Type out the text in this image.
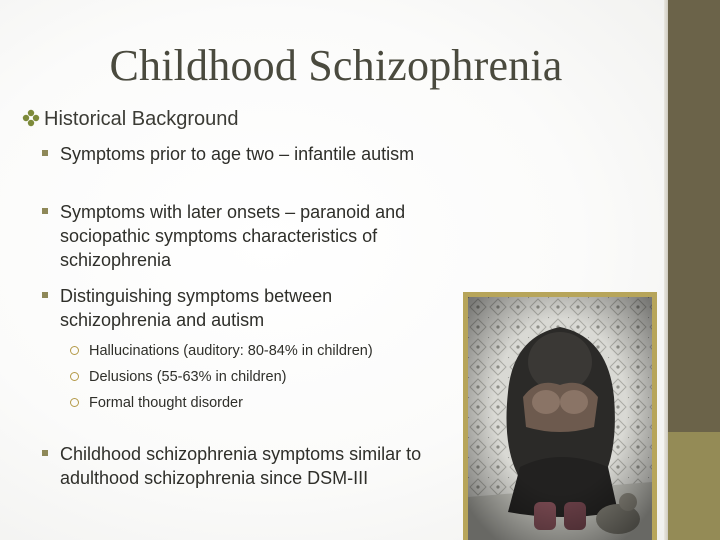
Childhood Schizophrenia
Historical Background
Symptoms prior to age two – infantile autism
Symptoms with later onsets – paranoid and sociopathic symptoms characteristics of schizophrenia
Distinguishing symptoms between schizophrenia and autism
Hallucinations (auditory: 80-84% in children)
Delusions (55-63% in children)
Formal thought disorder
Childhood schizophrenia symptoms similar to adulthood schizophrenia since DSM-III
